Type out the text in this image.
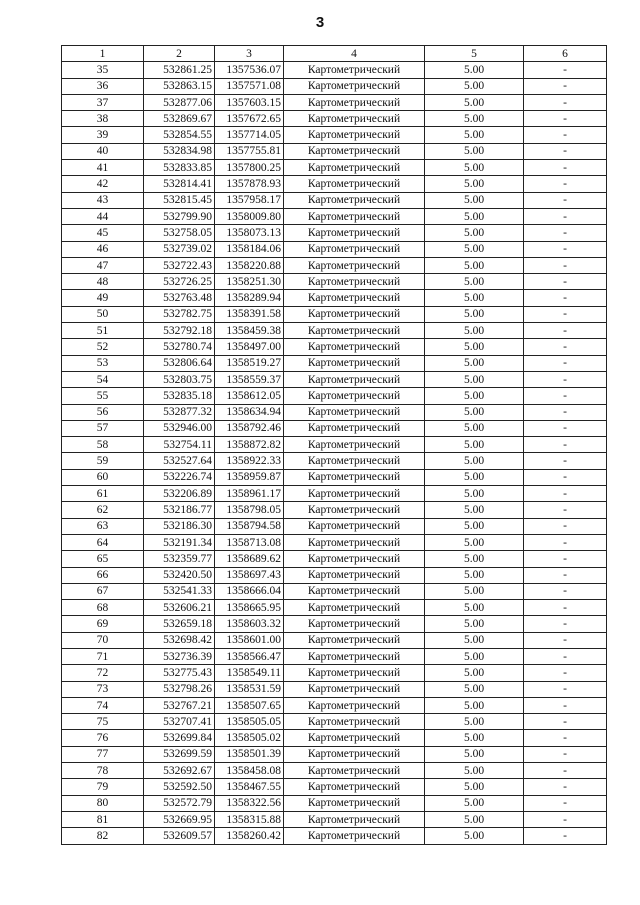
3
1	2	3	4	5	6
35	532861.25	1357536.07	Картометрический	5.00	-
36	532863.15	1357571.08	Картометрический	5.00	-
37	532877.06	1357603.15	Картометрический	5.00	-
38	532869.67	1357672.65	Картометрический	5.00	-
39	532854.55	1357714.05	Картометрический	5.00	-
40	532834.98	1357755.81	Картометрический	5.00	-
41	532833.85	1357800.25	Картометрический	5.00	-
42	532814.41	1357878.93	Картометрический	5.00	-
43	532815.45	1357958.17	Картометрический	5.00	-
44	532799.90	1358009.80	Картометрический	5.00	-
45	532758.05	1358073.13	Картометрический	5.00	-
46	532739.02	1358184.06	Картометрический	5.00	-
47	532722.43	1358220.88	Картометрический	5.00	-
48	532726.25	1358251.30	Картометрический	5.00	-
49	532763.48	1358289.94	Картометрический	5.00	-
50	532782.75	1358391.58	Картометрический	5.00	-
51	532792.18	1358459.38	Картометрический	5.00	-
52	532780.74	1358497.00	Картометрический	5.00	-
53	532806.64	1358519.27	Картометрический	5.00	-
54	532803.75	1358559.37	Картометрический	5.00	-
55	532835.18	1358612.05	Картометрический	5.00	-
56	532877.32	1358634.94	Картометрический	5.00	-
57	532946.00	1358792.46	Картометрический	5.00	-
58	532754.11	1358872.82	Картометрический	5.00	-
59	532527.64	1358922.33	Картометрический	5.00	-
60	532226.74	1358959.87	Картометрический	5.00	-
61	532206.89	1358961.17	Картометрический	5.00	-
62	532186.77	1358798.05	Картометрический	5.00	-
63	532186.30	1358794.58	Картометрический	5.00	-
64	532191.34	1358713.08	Картометрический	5.00	-
65	532359.77	1358689.62	Картометрический	5.00	-
66	532420.50	1358697.43	Картометрический	5.00	-
67	532541.33	1358666.04	Картометрический	5.00	-
68	532606.21	1358665.95	Картометрический	5.00	-
69	532659.18	1358603.32	Картометрический	5.00	-
70	532698.42	1358601.00	Картометрический	5.00	-
71	532736.39	1358566.47	Картометрический	5.00	-
72	532775.43	1358549.11	Картометрический	5.00	-
73	532798.26	1358531.59	Картометрический	5.00	-
74	532767.21	1358507.65	Картометрический	5.00	-
75	532707.41	1358505.05	Картометрический	5.00	-
76	532699.84	1358505.02	Картометрический	5.00	-
77	532699.59	1358501.39	Картометрический	5.00	-
78	532692.67	1358458.08	Картометрический	5.00	-
79	532592.50	1358467.55	Картометрический	5.00	-
80	532572.79	1358322.56	Картометрический	5.00	-
81	532669.95	1358315.88	Картометрический	5.00	-
82	532609.57	1358260.42	Картометрический	5.00	-
